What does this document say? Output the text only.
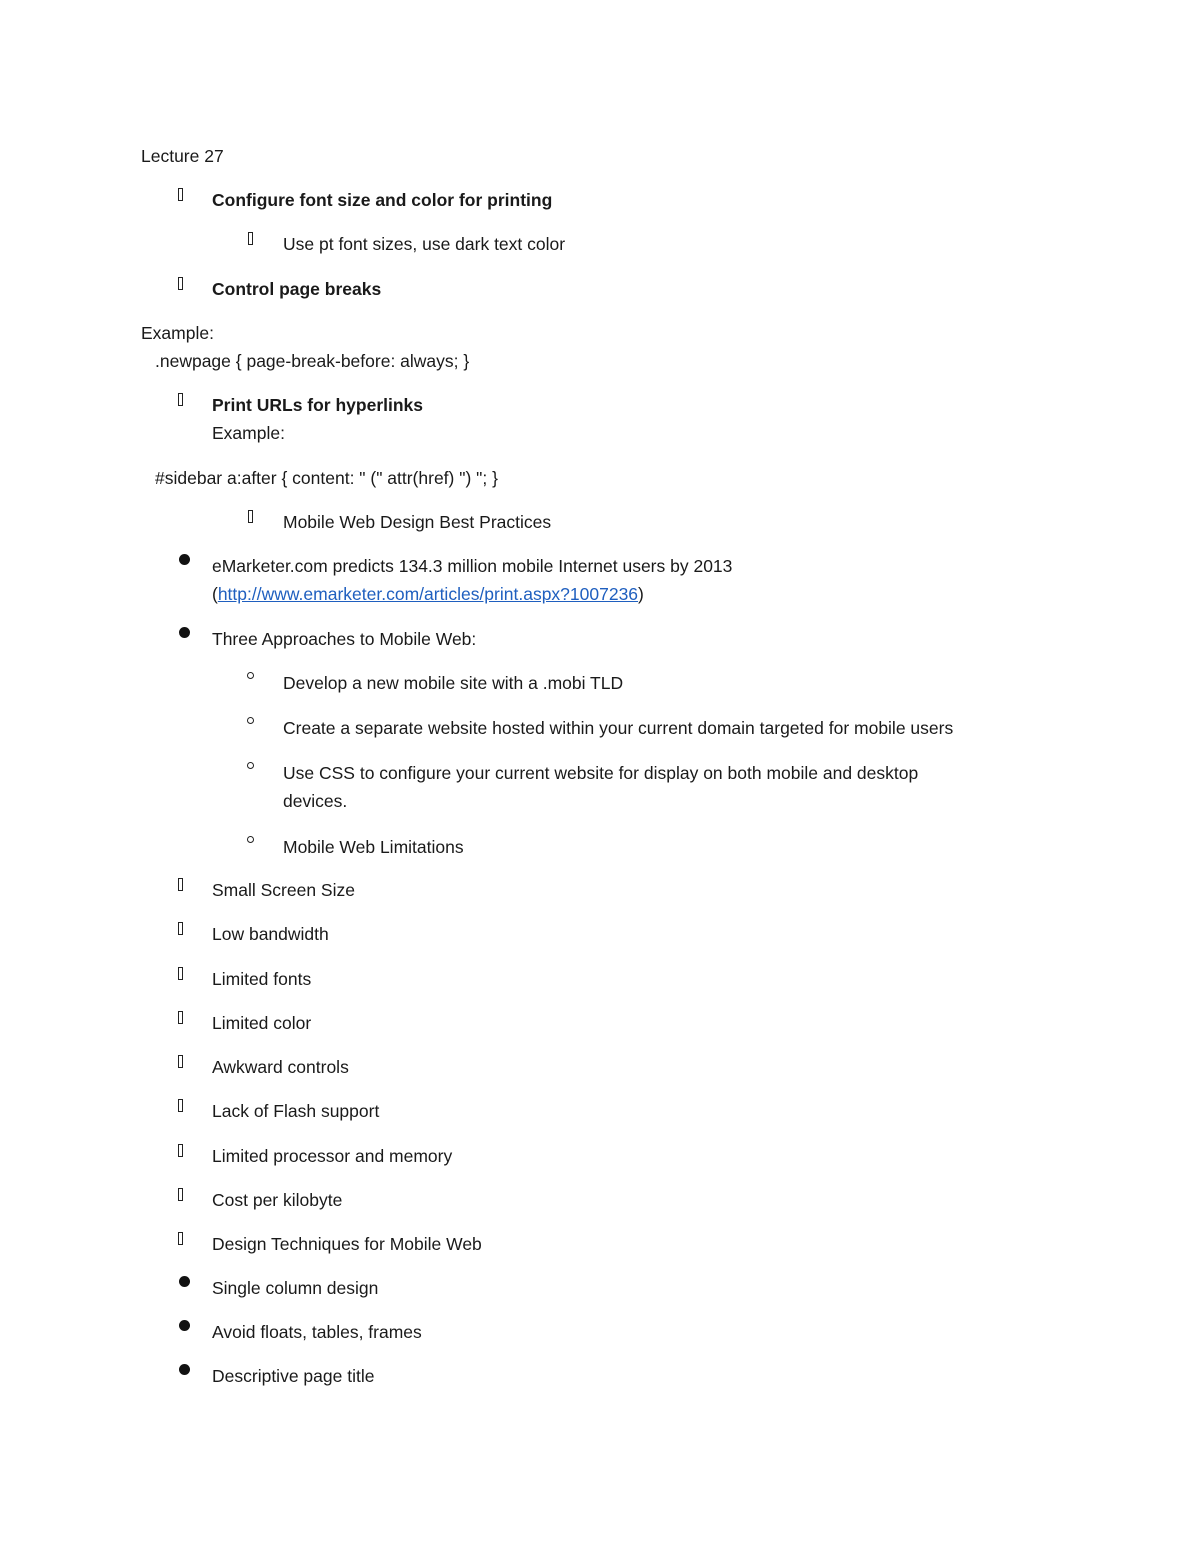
Lecture 27
Configure font size and color for printing
Use pt font sizes, use dark text color
Control page breaks
Example:
.newpage { page-break-before: always; }
Print URLs for hyperlinks
Example:
#sidebar a:after { content: " (" attr(href) ") "; }
Mobile Web Design Best Practices
eMarketer.com predicts 134.3 million mobile Internet users by 2013
(http://www.emarketer.com/articles/print.aspx?1007236)
Three Approaches to Mobile Web:
Develop a new mobile site with a .mobi TLD
Create a separate website hosted within your current domain targeted for mobile users
Use CSS to configure your current website for display on both mobile and desktop
devices.
Mobile Web Limitations
Small Screen Size
Low bandwidth
Limited fonts
Limited color
Awkward controls
Lack of Flash support
Limited processor and memory
Cost per kilobyte
Design Techniques for Mobile Web
Single column design
Avoid floats, tables, frames
Descriptive page title
